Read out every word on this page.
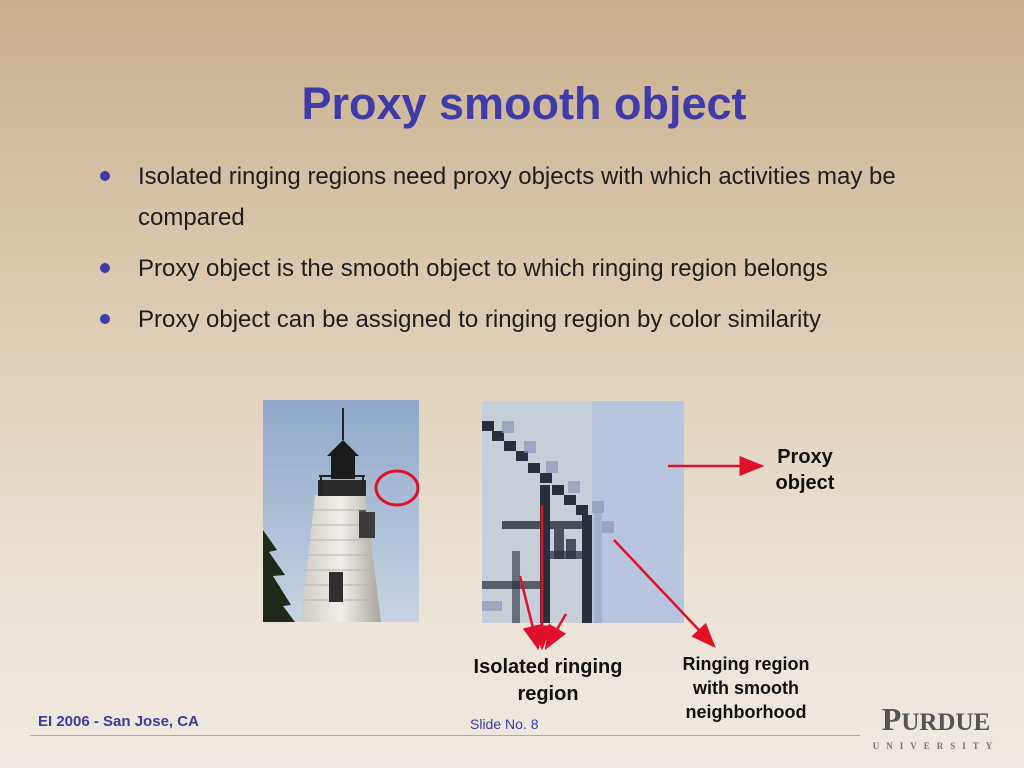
Proxy smooth object
Isolated ringing regions need proxy objects with which activities may be compared
Proxy object is the smooth object to which ringing region belongs
Proxy object can be assigned to ringing region by color similarity
Proxy
object
Isolated ringing
region
Ringing region
with smooth
neighborhood
EI 2006 - San Jose, CA	Slide No. 8	PURDUE
UNIVERSITY
